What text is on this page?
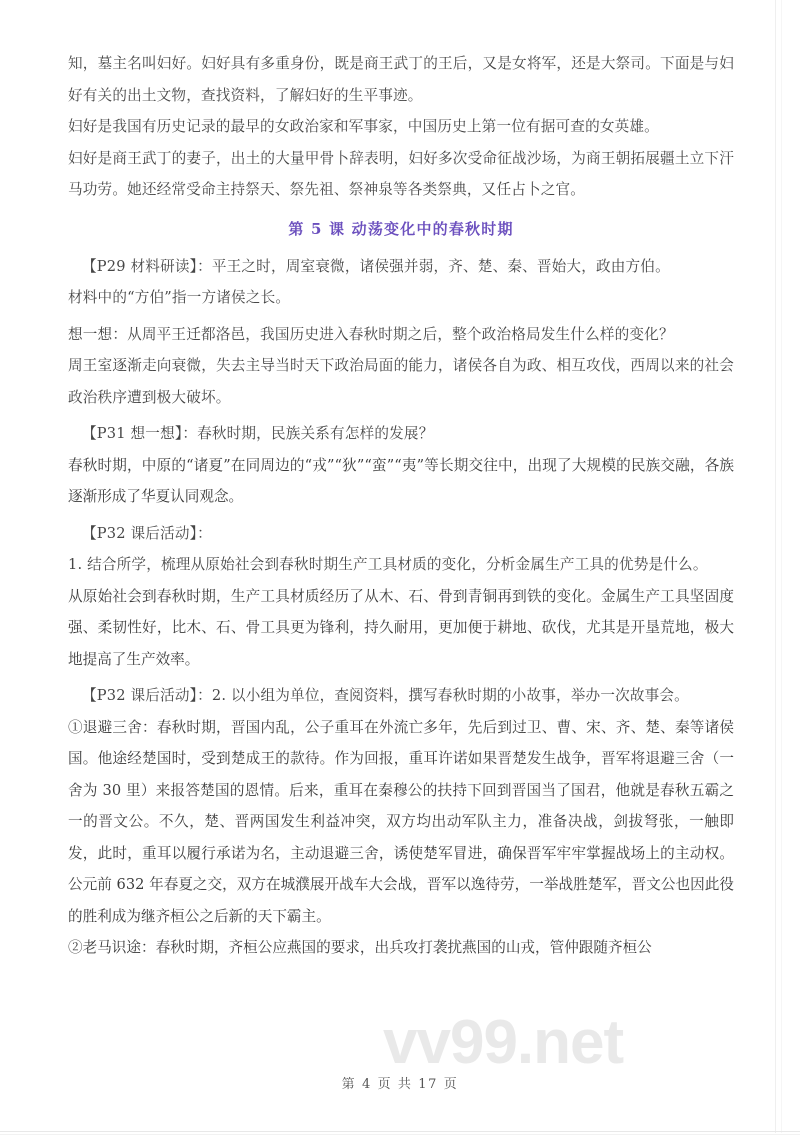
知，墓主名叫妇好。妇好具有多重身份，既是商王武丁的王后，又是女将军，还是大祭司。下面是与妇好有关的出土文物，查找资料，了解妇好的生平事迹。

妇好是我国有历史记录的最早的女政治家和军事家，中国历史上第一位有据可查的女英雄。

妇好是商王武丁的妻子，出土的大量甲骨卜辞表明，妇好多次受命征战沙场，为商王朝拓展疆土立下汗马功劳。她还经常受命主持祭天、祭先祖、祭神泉等各类祭典，又任占卜之官。

第 5 课 动荡变化中的春秋时期

【P29 材料研读】：平王之时，周室衰微，诸侯强并弱，齐、楚、秦、晋始大，政由方伯。

材料中的“方伯”指一方诸侯之长。

想一想：从周平王迁都洛邑，我国历史进入春秋时期之后，整个政治格局发生什么样的变化？

周王室逐渐走向衰微，失去主导当时天下政治局面的能力，诸侯各自为政、相互攻伐，西周以来的社会政治秩序遭到极大破坏。

【P31 想一想】：春秋时期，民族关系有怎样的发展？

春秋时期，中原的“诸夏”在同周边的“戎”“狄”“蛮”“夷”等长期交往中，出现了大规模的民族交融，各族逐渐形成了华夏认同观念。

【P32 课后活动】：

1. 结合所学，梳理从原始社会到春秋时期生产工具材质的变化，分析金属生产工具的优势是什么。

从原始社会到春秋时期，生产工具材质经历了从木、石、骨到青铜再到铁的变化。金属生产工具坚固度强、柔韧性好，比木、石、骨工具更为锋利，持久耐用，更加便于耕地、砍伐，尤其是开垦荒地，极大地提高了生产效率。

【P32 课后活动】：2. 以小组为单位，查阅资料，撰写春秋时期的小故事，举办一次故事会。

①退避三舍：春秋时期，晋国内乱，公子重耳在外流亡多年，先后到过卫、曹、宋、齐、楚、秦等诸侯国。他途经楚国时，受到楚成王的款待。作为回报，重耳许诺如果晋楚发生战争，晋军将退避三舍（一舍为 30 里）来报答楚国的恩情。后来，重耳在秦穆公的扶持下回到晋国当了国君，他就是春秋五霸之一的晋文公。不久，楚、晋两国发生利益冲突，双方均出动军队主力，准备决战，剑拔弩张，一触即发，此时，重耳以履行承诺为名，主动退避三舍，诱使楚军冒进，确保晋军牢牢掌握战场上的主动权。公元前 632 年春夏之交，双方在城濮展开战车大会战，晋军以逸待劳，一举战胜楚军，晋文公也因此役的胜利成为继齐桓公之后新的天下霸主。

②老马识途：春秋时期，齐桓公应燕国的要求，出兵攻打袭扰燕国的山戎，管仲跟随齐桓公

vv99.net
第 4 页 共 17 页
